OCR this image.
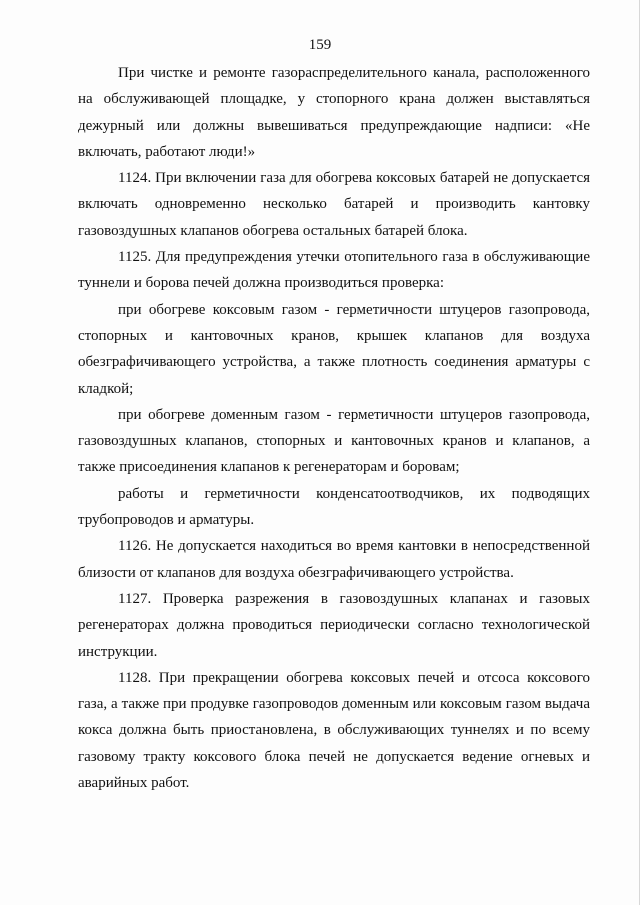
159

При чистке и ремонте газораспределительного канала, расположенного на обслуживающей площадке, у стопорного крана должен выставляться дежурный или должны вывешиваться предупреждающие надписи: «Не включать, работают люди!»

1124. При включении газа для обогрева коксовых батарей не допускается включать одновременно несколько батарей и производить кантовку газовоздушных клапанов обогрева остальных батарей блока.

1125. Для предупреждения утечки отопительного газа в обслуживающие туннели и борова печей должна производиться проверка:

при обогреве коксовым газом - герметичности штуцеров газопровода, стопорных и кантовочных кранов, крышек клапанов для воздуха обезграфичивающего устройства, а также плотность соединения арматуры с кладкой;

при обогреве доменным газом - герметичности штуцеров газопровода, газовоздушных клапанов, стопорных и кантовочных кранов и клапанов, а также присоединения клапанов к регенераторам и боровам;

работы и герметичности конденсатоотводчиков, их подводящих трубопроводов и арматуры.

1126. Не допускается находиться во время кантовки в непосредственной близости от клапанов для воздуха обезграфичивающего устройства.

1127. Проверка разрежения в газовоздушных клапанах и газовых регенераторах должна проводиться периодически согласно технологической инструкции.

1128. При прекращении обогрева коксовых печей и отсоса коксового газа, а также при продувке газопроводов доменным или коксовым газом выдача кокса должна быть приостановлена, в обслуживающих туннелях и по всему газовому тракту коксового блока печей не допускается ведение огневых и аварийных работ.
